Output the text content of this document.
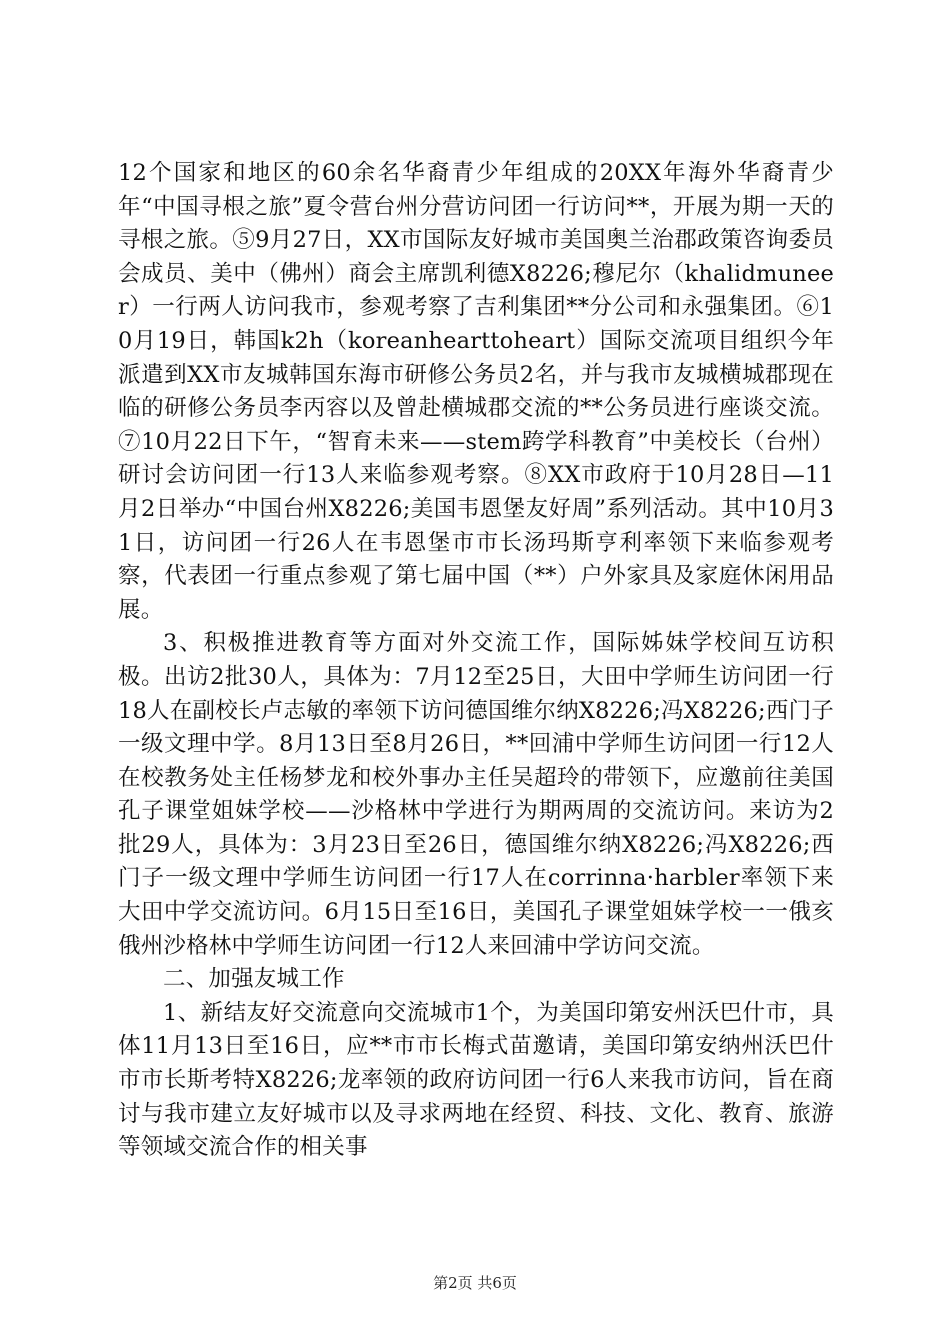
12个国家和地区的60余名华裔青少年组成的20XX年海外华裔青少年“中国寻根之旅”夏令营台州分营访问团一行访问**，开展为期一天的寻根之旅。⑤9月27日，XX市国际友好城市美国奥兰治郡政策咨询委员会成员、美中（佛州）商会主席凯利德X8226;穆尼尔（khalidmuneer）一行两人访问我市，参观考察了吉利集团**分公司和永强集团。⑥10月19日，韩国k2h（koreanhearttoheart）国际交流项目组织今年派遣到XX市友城韩国东海市研修公务员2名，并与我市友城横城郡现在临的研修公务员李丙容以及曾赴横城郡交流的**公务员进行座谈交流。⑦10月22日下午，“智育未来——stem跨学科教育”中美校长（台州）研讨会访问团一行13人来临参观考察。⑧XX市政府于10月28日—11月2日举办“中国台州X8226;美国韦恩堡友好周”系列活动。其中10月31日，访问团一行26人在韦恩堡市市长汤玛斯亨利率领下来临参观考察，代表团一行重点参观了第七届中国（**）户外家具及家庭休闲用品展。

3、积极推进教育等方面对外交流工作，国际姊妹学校间互访积极。出访2批30人，具体为：7月12至25日，大田中学师生访问团一行18人在副校长卢志敏的率领下访问德国维尔纳X8226;冯X8226;西门子一级文理中学。8月13日至8月26日，**回浦中学师生访问团一行12人在校教务处主任杨梦龙和校外事办主任吴超玲的带领下，应邀前往美国孔子课堂姐妹学校——沙格林中学进行为期两周的交流访问。来访为2批29人，具体为：3月23日至26日，德国维尔纳X8226;冯X8226;西门子一级文理中学师生访问团一行17人在corrinna·harbler率领下来大田中学交流访问。6月15日至16日，美国孔子课堂姐妹学校一一俄亥俄州沙格林中学师生访问团一行12人来回浦中学访问交流。

二、加强友城工作

1、新结友好交流意向交流城市1个，为美国印第安州沃巴什市，具体11月13日至16日，应**市市长梅式苗邀请，美国印第安纳州沃巴什市市长斯考特X8226;龙率领的政府访问团一行6人来我市访问，旨在商讨与我市建立友好城市以及寻求两地在经贸、科技、文化、教育、旅游等领域交流合作的相关事

第2页 共6页
